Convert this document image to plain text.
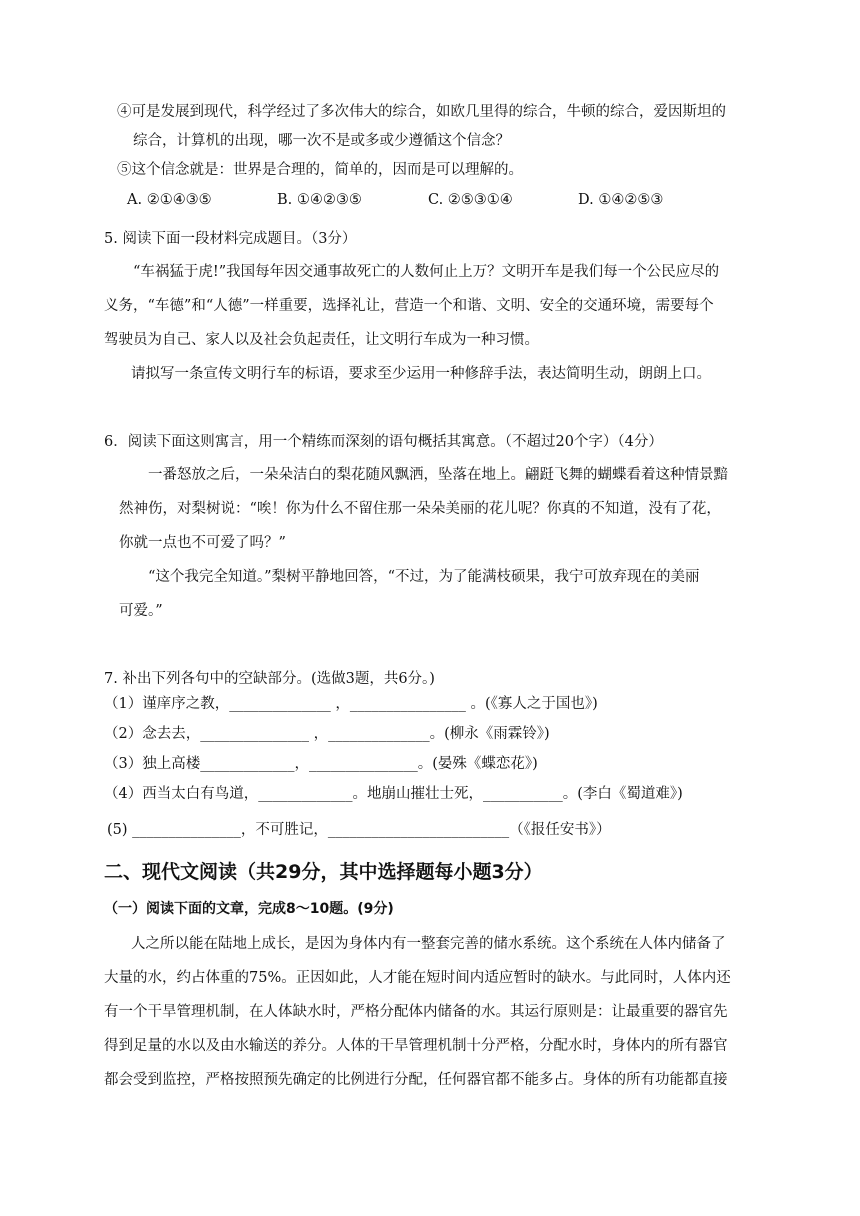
④可是发展到现代，科学经过了多次伟大的综合，如欧几里得的综合，牛顿的综合，爱因斯坦的
综合，计算机的出现，哪一次不是或多或少遵循这个信念？
⑤这个信念就是：世界是合理的，简单的，因而是可以理解的。
A. ②①④③⑤	B. ①④②③⑤	C. ②⑤③①④	D. ①④②⑤③
5. 阅读下面一段材料完成题目。（3分）
“车祸猛于虎!”我国每年因交通事故死亡的人数何止上万？文明开车是我们每一个公民应尽的
义务，“车德”和“人德”一样重要，选择礼让，营造一个和谐、文明、安全的交通环境，需要每个
驾驶员为自己、家人以及社会负起责任，让文明行车成为一种习惯。
请拟写一条宣传文明行车的标语，要求至少运用一种修辞手法，表达简明生动，朗朗上口。
6．阅读下面这则寓言，用一个精练而深刻的语句概括其寓意。（不超过20个字）（4分）
一番怒放之后，一朵朵洁白的梨花随风飘洒，坠落在地上。翩跹飞舞的蝴蝶看着这种情景黯
然神伤，对梨树说：“唉！你为什么不留住那一朵朵美丽的花儿呢？你真的不知道，没有了花，
你就一点也不可爱了吗？”
“这个我完全知道。”梨树平静地回答，“不过，为了能满枝硕果，我宁可放弃现在的美丽
可爱。”
7. 补出下列各句中的空缺部分。(选做3题，共6分。)
（1）谨庠序之教，______________ ，________________ 。(《寡人之于国也》)
（2）念去去，_______________ ，______________。(柳永《雨霖铃》)
（3）独上高楼_____________，_______________。(晏殊《蝶恋花》)
（4）西当太白有鸟道，_____________。地崩山摧壮士死，___________。(李白《蜀道难》)
(5) _______________，不可胜记，_________________________（《报任安书》）
二、现代文阅读（共29分，其中选择题每小题3分）
（一）阅读下面的文章，完成8～10题。(9分)
人之所以能在陆地上成长，是因为身体内有一整套完善的储水系统。这个系统在人体内储备了
大量的水，约占体重的75%。正因如此，人才能在短时间内适应暂时的缺水。与此同时，人体内还
有一个干旱管理机制，在人体缺水时，严格分配体内储备的水。其运行原则是：让最重要的器官先
得到足量的水以及由水输送的养分。人体的干旱管理机制十分严格，分配水时，身体内的所有器官
都会受到监控，严格按照预先确定的比例进行分配，任何器官都不能多占。身体的所有功能都直接
